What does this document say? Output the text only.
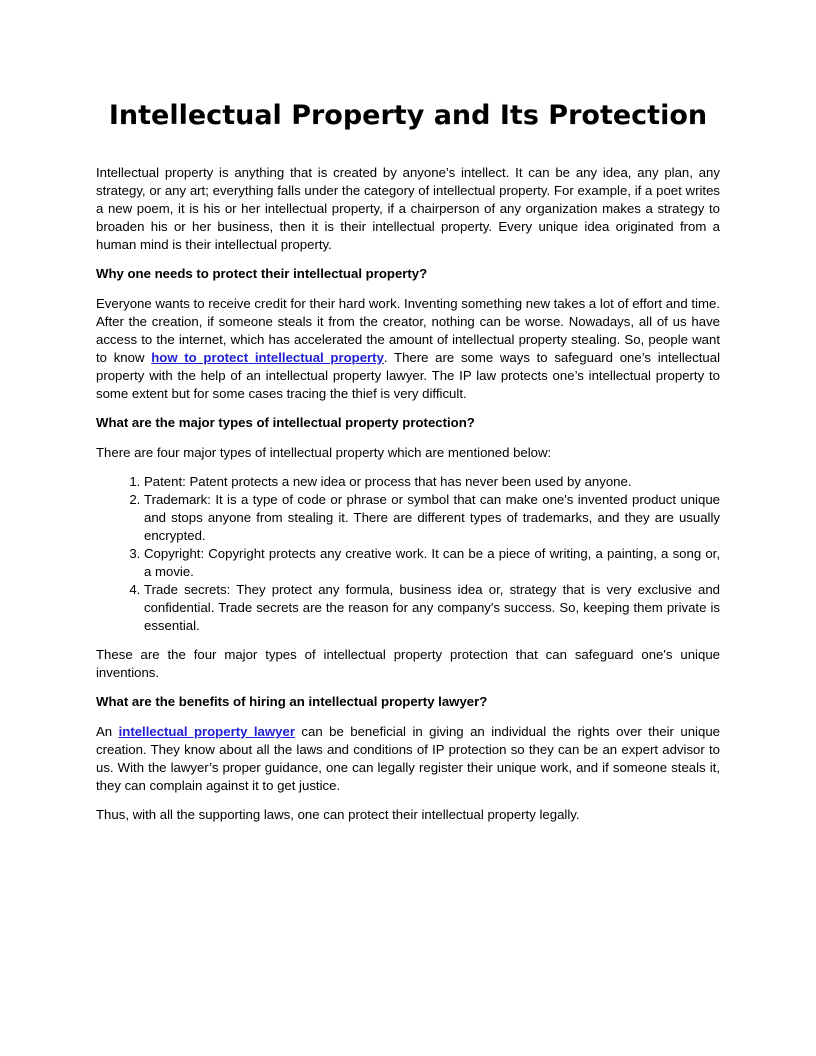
Intellectual Property and Its Protection

Intellectual property is anything that is created by anyone’s intellect. It can be any idea, any plan, any strategy, or any art; everything falls under the category of intellectual property. For example, if a poet writes a new poem, it is his or her intellectual property, if a chairperson of any organization makes a strategy to broaden his or her business, then it is their intellectual property. Every unique idea originated from a human mind is their intellectual property.

Why one needs to protect their intellectual property?

Everyone wants to receive credit for their hard work. Inventing something new takes a lot of effort and time. After the creation, if someone steals it from the creator, nothing can be worse. Nowadays, all of us have access to the internet, which has accelerated the amount of intellectual property stealing. So, people want to know how to protect intellectual property. There are some ways to safeguard one’s intellectual property with the help of an intellectual property lawyer. The IP law protects one’s intellectual property to some extent but for some cases tracing the thief is very difficult.

What are the major types of intellectual property protection?

There are four major types of intellectual property which are mentioned below:

1. Patent: Patent protects a new idea or process that has never been used by anyone.
2. Trademark: It is a type of code or phrase or symbol that can make one's invented product unique and stops anyone from stealing it. There are different types of trademarks, and they are usually encrypted.
3. Copyright: Copyright protects any creative work. It can be a piece of writing, a painting, a song or, a movie.
4. Trade secrets: They protect any formula, business idea or, strategy that is very exclusive and confidential. Trade secrets are the reason for any company's success. So, keeping them private is essential.

These are the four major types of intellectual property protection that can safeguard one's unique inventions.

What are the benefits of hiring an intellectual property lawyer?

An intellectual property lawyer can be beneficial in giving an individual the rights over their unique creation. They know about all the laws and conditions of IP protection so they can be an expert advisor to us. With the lawyer’s proper guidance, one can legally register their unique work, and if someone steals it, they can complain against it to get justice.

Thus, with all the supporting laws, one can protect their intellectual property legally.
